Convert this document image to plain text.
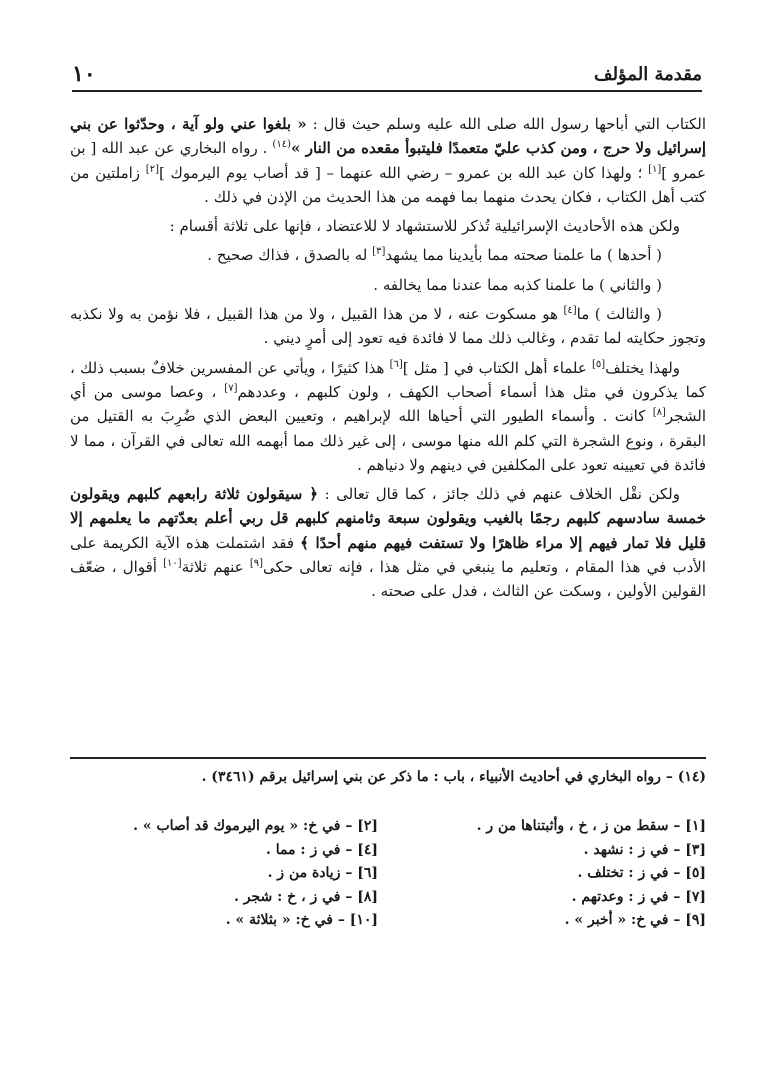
مقدمة المؤلف
١٠

الكتاب التي أباحها رسول الله صلى الله عليه وسلم حيث قال : « بلغوا عني ولو آية ، وحدّثوا عن بني إسرائيل ولا حرج ، ومن كذب عليّ متعمدًا فليتبوأ مقعده من النار »$^{(١٤)}$ . رواه البخاري عن عبد الله [ بن عمرو ][١] ؛ ولهذا كان عبد الله بن عمرو – رضي الله عنهما – [ قد أصاب يوم اليرموك ][٢] زاملتين من كتب أهل الكتاب ، فكان يحدث منهما بما فهمه من هذا الحديث من الإذن في ذلك .

ولكن هذه الأحاديث الإسرائيلية تُذكر للاستشهاد لا للاعتضاد ، فإنها على ثلاثة أقسام :

( أحدها ) ما علمنا صحته مما بأيدينا مما يشهد[٣] له بالصدق ، فذاك صحيح .

( والثاني ) ما علمنا كذبه مما عندنا مما يخالفه .

( والثالث ) ما[٤] هو مسكوت عنه ، لا من هذا القبيل ، ولا من هذا القبيل ، فلا نؤمن به ولا نكذبه وتجوز حكايته لما تقدم ، وغالب ذلك مما لا فائدة فيه تعود إلى أمرٍ ديني .

ولهذا يختلف[٥] علماء أهل الكتاب في [ مثل ][٦] هذا كثيرًا ، ويأتي عن المفسرين خلافٌ بسبب ذلك ، كما يذكرون في مثل هذا أسماء أصحاب الكهف ، ولون كلبهم ، وعددهم[٧] ، وعصا موسى من أي الشجر[٨] كانت . وأسماء الطيور التي أحياها الله لإبراهيم ، وتعيين البعض الذي ضُرِبَ به القتيل من البقرة ، ونوع الشجرة التي كلم الله منها موسى ، إلى غير ذلك مما أبهمه الله تعالى في القرآن ، مما لا فائدة في تعيينه تعود على المكلفين في دينهم ولا دنياهم .

ولكن نقْل الخلاف عنهم في ذلك جائز ، كما قال تعالى : ﴿ سيقولون ثلاثة رابعهم كلبهم ويقولون خمسة سادسهم كلبهم رجمًا بالغيب ويقولون سبعة وثامنهم كلبهم قل ربي أعلم بعدّتهم ما يعلمهم إلا قليل فلا تمار فيهم إلا مراء ظاهرًا ولا تستفت فيهم منهم أحدًا ﴾ فقد اشتملت هذه الآية الكريمة على الأدب في هذا المقام ، وتعليم ما ينبغي في مثل هذا ، فإنه تعالى حكى[٩] عنهم ثلاثة[١٠] أقوال ، ضعّف القولين الأولين ، وسكت عن الثالث ، فدل على صحته .

(١٤) – رواه البخاري في أحاديث الأنبياء ، باب : ما ذكر عن بني إسرائيل برقم (٣٤٦١) .
[١] – سقط من ز ، خ ، وأثبتناها من ر .
[٢] – في خ: « يوم اليرموك قد أصاب » .
[٣] – في ز : نشهد .
[٤] – في ز : مما .
[٥] – في ز : تختلف .
[٦] – زيادة من ز .
[٧] – في ز : وعدتهم .
[٨] – في ز ، خ : شجر .
[٩] – في خ: « أخبر » .
[١٠] – في خ: « بثلاثة » .
